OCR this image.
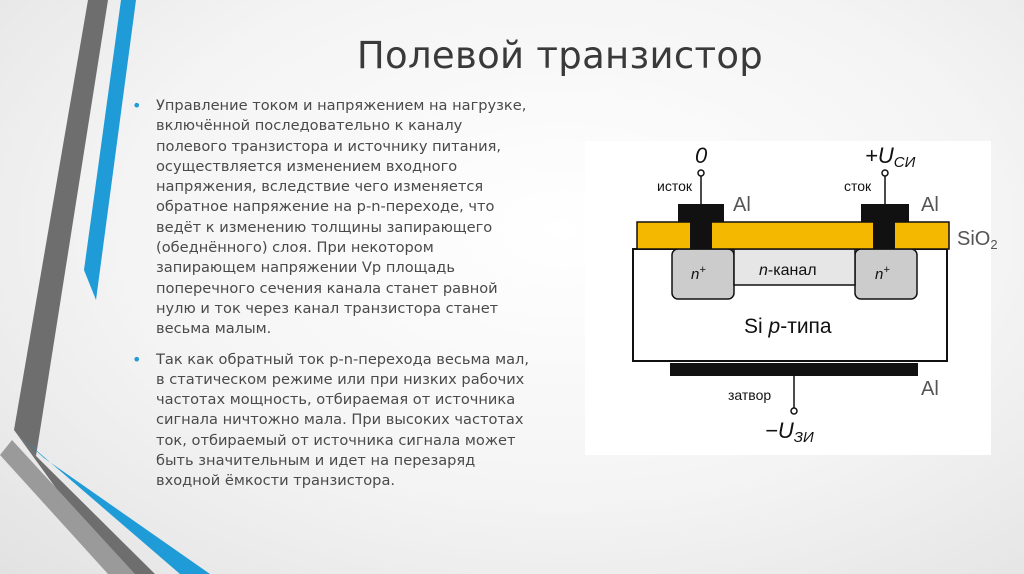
Полевой транзистор
• Управление током и напряжением на нагрузке,
включённой последовательно к каналу
полевого транзистора и источнику питания,
осуществляется изменением входного
напряжения, вследствие чего изменяется
обратное напряжение на p-n-переходе, что
ведёт к изменению толщины запирающего
(обеднённого) слоя. При некотором
запирающем напряжении Vp площадь
поперечного сечения канала станет равной
нулю и ток через канал транзистора станет
весьма малым.
• Так как обратный ток p-n-перехода весьма мал,
в статическом режиме или при низких рабочих
частотах мощность, отбираемая от источника
сигнала ничтожно мала. При высоких частотах
ток, отбираемый от источника сигнала может
быть значительным и идет на перезаряд
входной ёмкости транзистора.
0	+UСИ
исток	сток
Al	Al
SiO$_2$
n+	n+
n-канал
Si р-типа
затвор	Al
−UЗИ
